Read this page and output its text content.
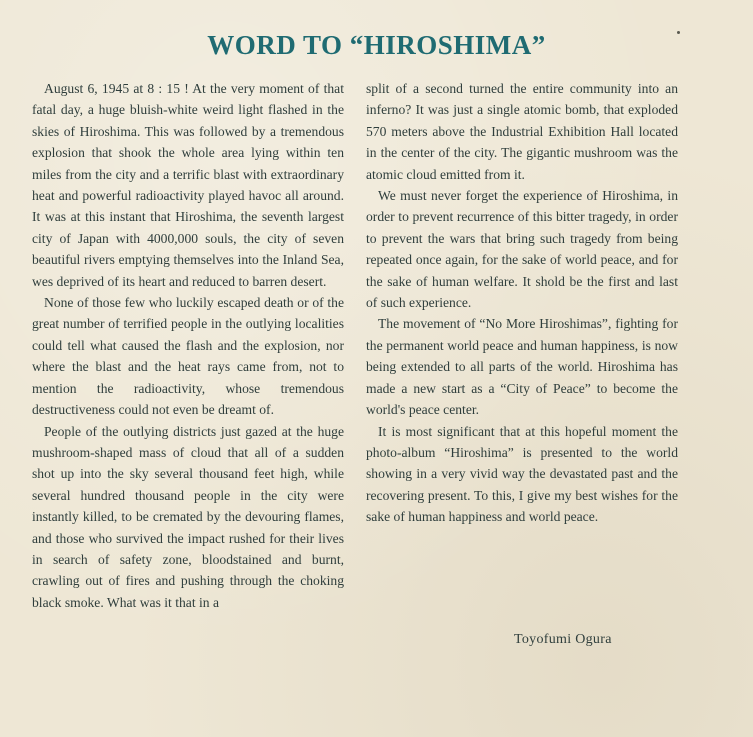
WORD TO “HIROSHIMA”

August 6, 1945 at 8 : 15 ! At the very moment of that fatal day, a huge bluish-white weird light flashed in the skies of Hiroshima. This was followed by a tremendous explosion that shook the whole area lying within ten miles from the city and a terrific blast with extraordinary heat and powerful radioactivity played havoc all around. It was at this instant that Hiroshima, the seventh largest city of Japan with 4000,000 souls, the city of seven beautiful rivers emptying themselves into the Inland Sea, wes deprived of its heart and reduced to barren desert.

None of those few who luckily escaped death or of the great number of terrified people in the outlying localities could tell what caused the flash and the explosion, nor where the blast and the heat rays came from, not to mention the radioactivity, whose tremendous destructiveness could not even be dreamt of.

People of the outlying districts just gazed at the huge mushroom-shaped mass of cloud that all of a sudden shot up into the sky several thousand feet high, while several hundred thousand people in the city were instantly killed, to be cremated by the devouring flames, and those who survived the impact rushed for their lives in search of safety zone, bloodstained and burnt, crawling out of fires and pushing through the choking black smoke. What was it that in a

split of a second turned the entire community into an inferno? It was just a single atomic bomb, that exploded 570 meters above the Industrial Exhibition Hall located in the center of the city. The gigantic mushroom was the atomic cloud emitted from it.

We must never forget the experience of Hiroshima, in order to prevent recurrence of this bitter tragedy, in order to prevent the wars that bring such tragedy from being repeated once again, for the sake of world peace, and for the sake of human welfare. It shold be the first and last of such experience.

The movement of “No More Hiroshimas”, fighting for the permanent world peace and human happiness, is now being extended to all parts of the world. Hiroshima has made a new start as a “City of Peace” to become the world's peace center.

It is most significant that at this hopeful moment the photo-album “Hiroshima” is presented to the world showing in a very vivid way the devastated past and the recovering present. To this, I give my best wishes for the sake of human happiness and world peace.

Toyofumi Ogura
